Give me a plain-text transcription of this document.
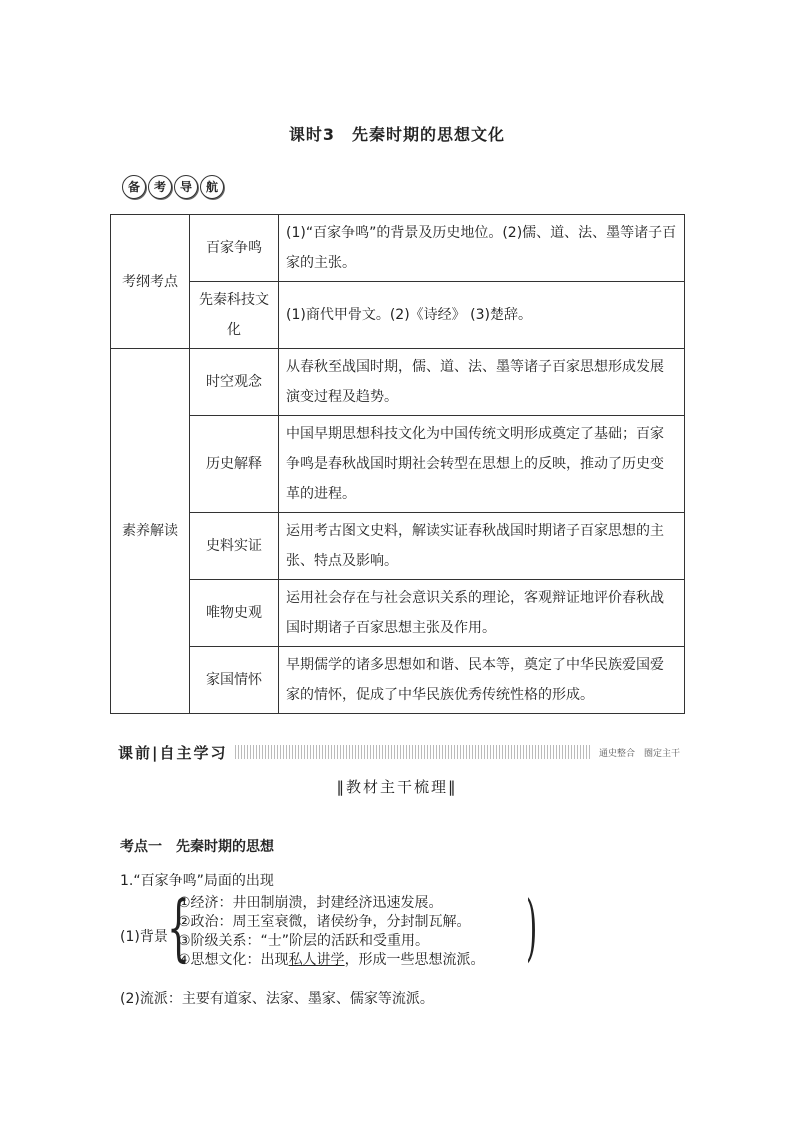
课时3　先秦时期的思想文化
备	考	导	航
考纲考点	百家争鸣	(1)“百家争鸣”的背景及历史地位。(2)儒、道、法、墨等诸子百家的主张。
	先秦科技文化	(1)商代甲骨文。(2)《诗经》 (3)楚辞。
素养解读	时空观念	从春秋至战国时期，儒、道、法、墨等诸子百家思想形成发展演变过程及趋势。
	历史解释	中国早期思想科技文化为中国传统文明形成奠定了基础；百家争鸣是春秋战国时期社会转型在思想上的反映，推动了历史变革的进程。
	史料实证	运用考古图文史料，解读实证春秋战国时期诸子百家思想的主张、特点及影响。
	唯物史观	运用社会存在与社会意识关系的理论，客观辩证地评价春秋战国时期诸子百家思想主张及作用。
	家国情怀	早期儒学的诸多思想如和谐、民本等，奠定了中华民族爱国爱家的情怀，促成了中华民族优秀传统性格的形成。
课前|自主学习	通史整合　圈定主干
‖教材主干梳理‖
考点一　先秦时期的思想
1.“百家争鸣”局面的出现
(1)背景 {
①经济：井田制崩溃，封建经济迅速发展。
②政治：周王室衰微，诸侯纷争，分封制瓦解。
③阶级关系：“士”阶层的活跃和受重用。
④思想文化：出现私人讲学，形成一些思想流派。 )
(2)流派：主要有道家、法家、墨家、儒家等流派。
